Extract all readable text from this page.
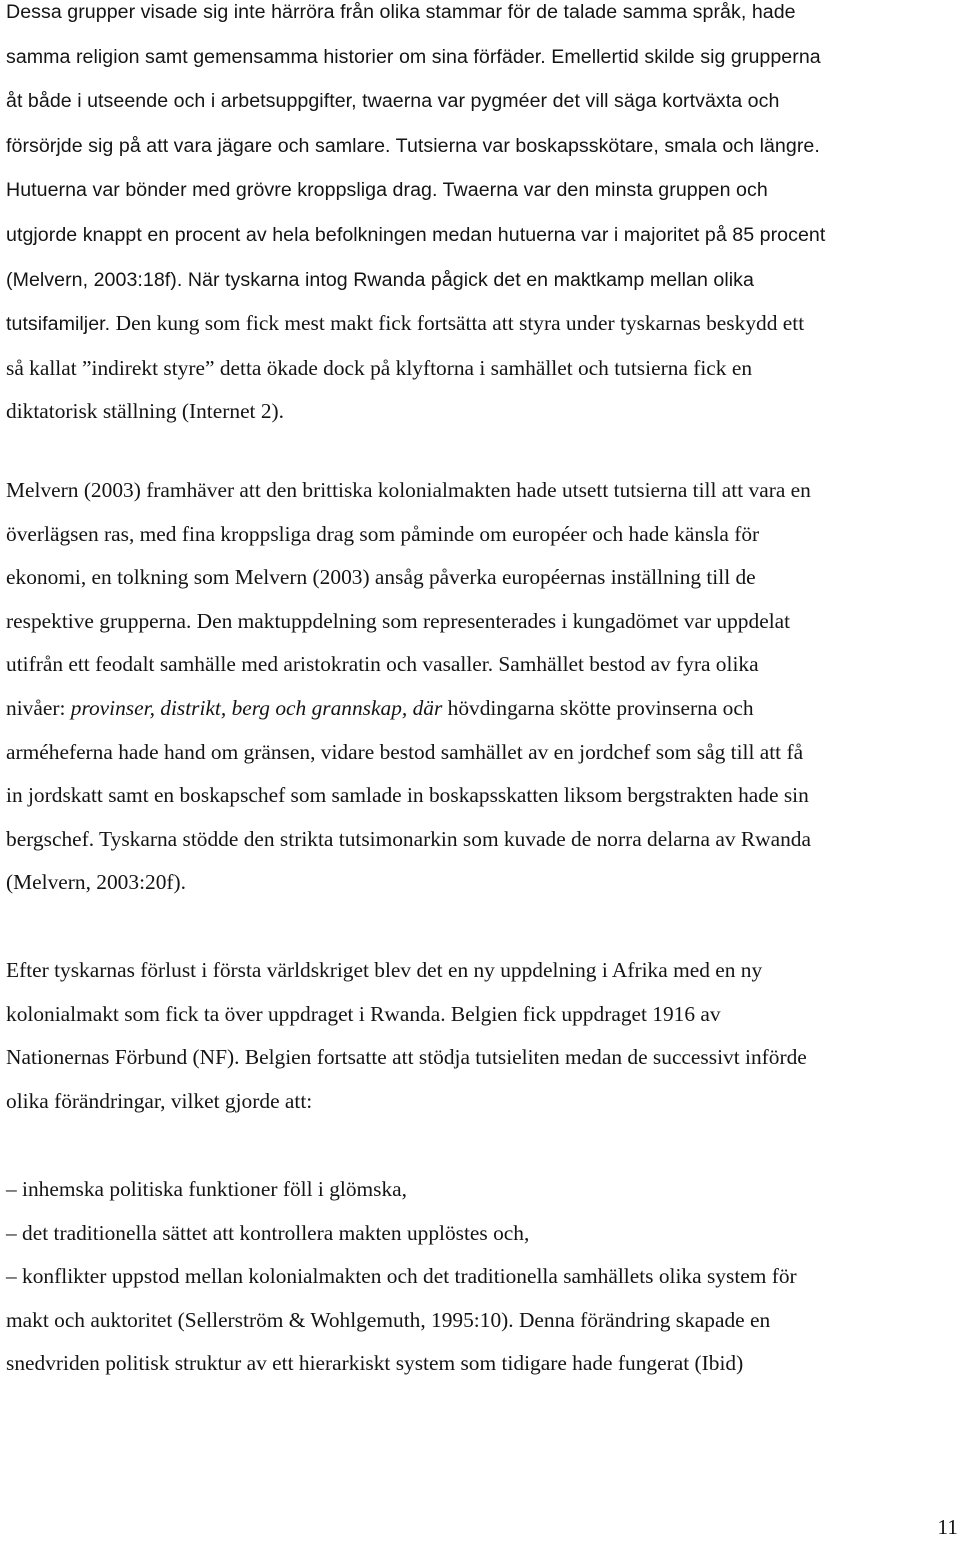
Dessa grupper visade sig inte härröra från olika stammar för de talade samma språk, hade
samma religion samt gemensamma historier om sina förfäder. Emellertid skilde sig grupperna
åt både i utseende och i arbetsuppgifter, twaerna var pygméer det vill säga kortväxta och
försörjde sig på att vara jägare och samlare. Tutsierna var boskapsskötare, smala och längre.
Hutuerna var bönder med grövre kroppsliga drag. Twaerna var den minsta gruppen och
utgjorde knappt en procent av hela befolkningen medan hutuerna var i majoritet på 85 procent
(Melvern, 2003:18f). När tyskarna intog Rwanda pågick det en maktkamp mellan olika
tutsifamiljer. Den kung som fick mest makt fick fortsätta att styra under tyskarnas beskydd ett
så kallat ”indirekt styre” detta ökade dock på klyftorna i samhället och tutsierna fick en
diktatorisk ställning (Internet 2).
Melvern (2003) framhäver att den brittiska kolonialmakten hade utsett tutsierna till att vara en
överlägsen ras, med fina kroppsliga drag som påminde om européer och hade känsla för
ekonomi, en tolkning som Melvern (2003) ansåg påverka européernas inställning till de
respektive grupperna. Den maktuppdelning som representerades i kungadömet var uppdelat
utifrån ett feodalt samhälle med aristokratin och vasaller. Samhället bestod av fyra olika
nivåer: provinser, distrikt, berg och grannskap, där hövdingarna skötte provinserna och
arméheferna hade hand om gränsen, vidare bestod samhället av en jordchef som såg till att få
in jordskatt samt en boskapschef som samlade in boskapsskatten liksom bergstrakten hade sin
bergschef. Tyskarna stödde den strikta tutsimonarkin som kuvade de norra delarna av Rwanda
(Melvern, 2003:20f).
Efter tyskarnas förlust i första världskriget blev det en ny uppdelning i Afrika med en ny
kolonialmakt som fick ta över uppdraget i Rwanda. Belgien fick uppdraget 1916 av
Nationernas Förbund (NF). Belgien fortsatte att stödja tutsieliten medan de successivt införde
olika förändringar, vilket gjorde att:
– inhemska politiska funktioner föll i glömska,
– det traditionella sättet att kontrollera makten upplöstes och,
– konflikter uppstod mellan kolonialmakten och det traditionella samhällets olika system för
makt och auktoritet (Sellerström & Wohlgemuth, 1995:10). Denna förändring skapade en
snedvriden politisk struktur av ett hierarkiskt system som tidigare hade fungerat (Ibid)
11
